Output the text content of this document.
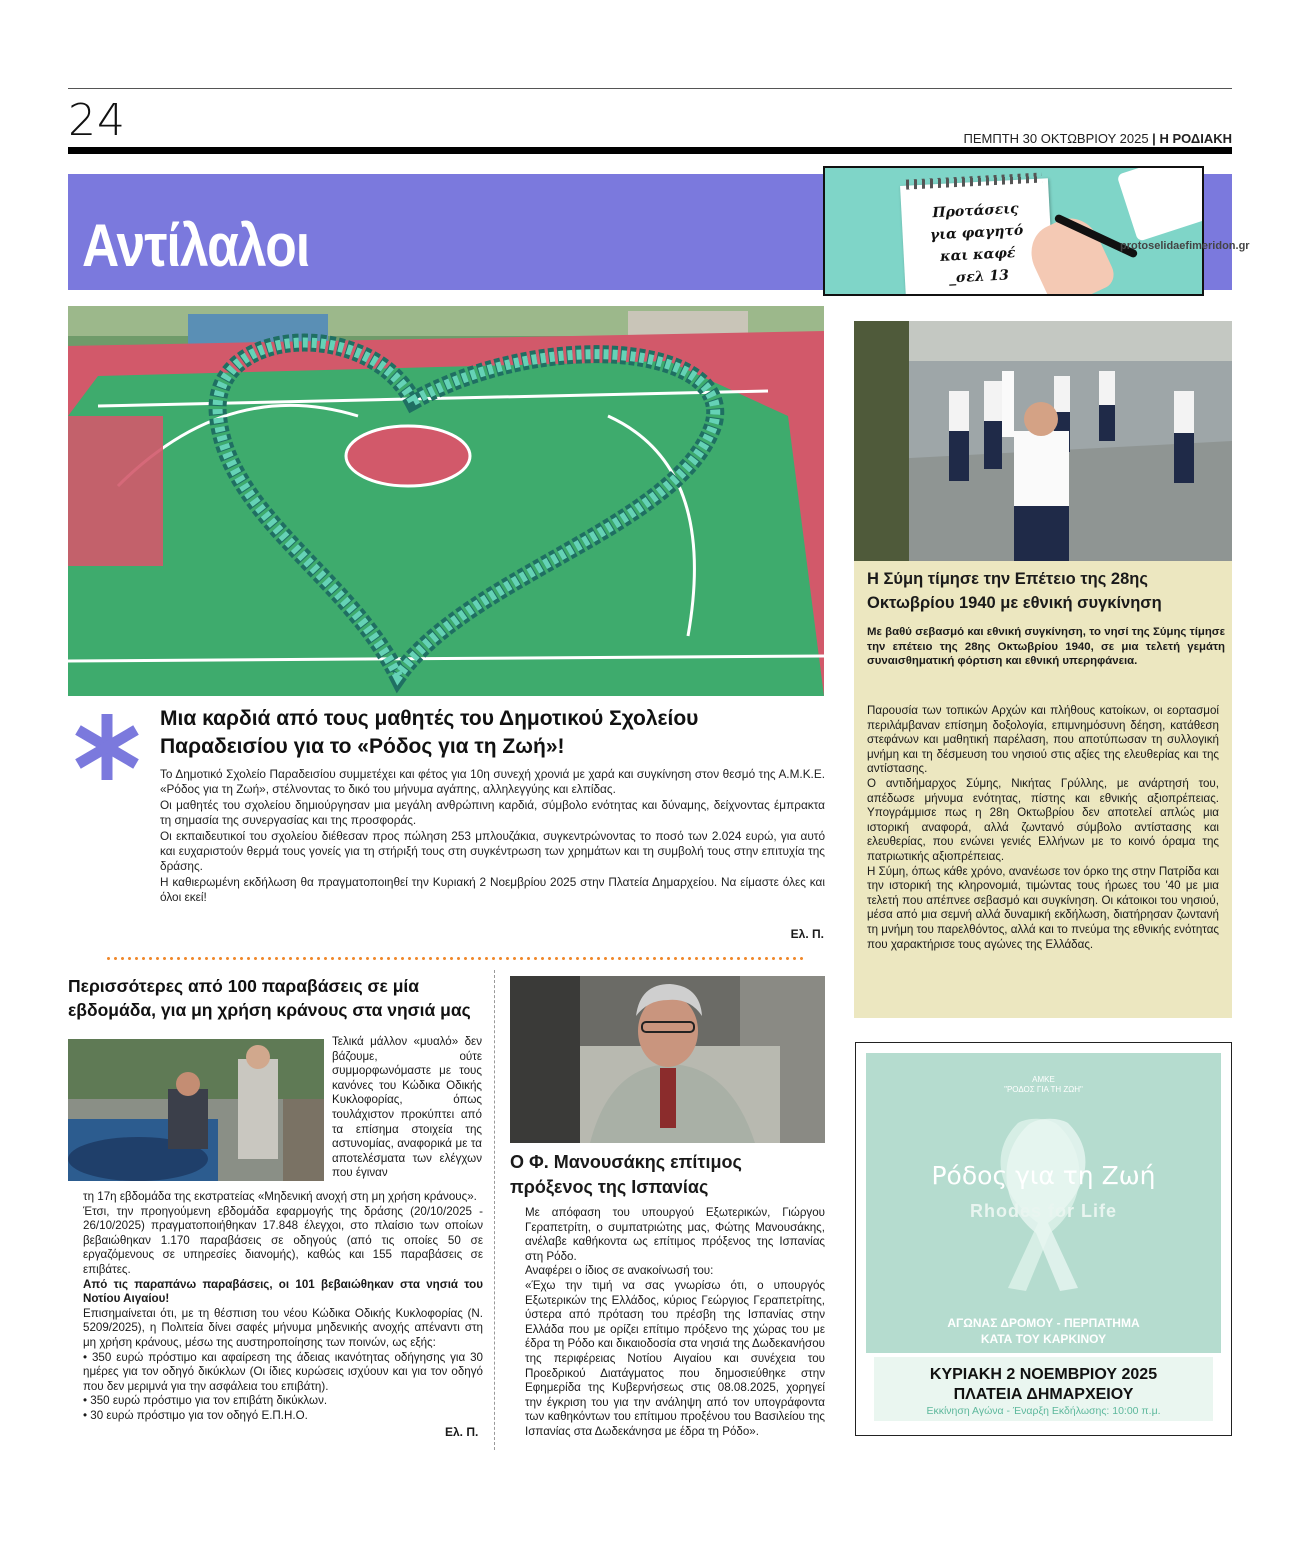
24	ΠΕΜΠΤΗ 30 ΟΚΤΩΒΡΙΟΥ 2025 | Η ΡΟΔΙΑΚΗ
Αντίλαλοι
Προτάσεις
για φαγητό
και καφέ
_σελ 13
protoselidaefimeridon.gr
Μια καρδιά από τους μαθητές του Δημοτικού Σχολείου Παραδεισίου για το «Ρόδος για τη Ζωή»!

Το Δημοτικό Σχολείο Παραδεισίου συμμετέχει και φέτος για 10η συνεχή χρονιά με χαρά και συγκίνηση στον θεσμό της Α.Μ.Κ.Ε. «Ρόδος για τη Ζωή», στέλνοντας το δικό του μήνυμα αγάπης, αλληλεγγύης και ελπίδας.

Οι μαθητές του σχολείου δημιούργησαν μια μεγάλη ανθρώπινη καρδιά, σύμβολο ενότητας και δύναμης, δείχνοντας έμπρακτα τη σημασία της συνεργασίας και της προσφοράς.

Οι εκπαιδευτικοί του σχολείου διέθεσαν προς πώληση 253 μπλουζάκια, συγκεντρώνοντας το ποσό των 2.024 ευρώ, για αυτό και ευχαριστούν θερμά τους γονείς για τη στήριξή τους στη συγκέντρωση των χρημάτων και τη συμβολή τους στην επιτυχία της δράσης.

Η καθιερωμένη εκδήλωση θα πραγματοποιηθεί την Κυριακή 2 Νοεμβρίου 2025 στην Πλατεία Δημαρχείου. Να είμαστε όλες και όλοι εκεί!

Ελ. Π.
Περισσότερες από 100 παραβάσεις σε μία εβδομάδα, για μη χρήση κράνους στα νησιά μας
Τελικά μάλλον «μυαλό» δεν βάζουμε, ούτε συμμορφωνόμαστε με τους κανόνες του Κώδικα Οδικής Κυκλοφορίας, όπως τουλάχιστον προκύπτει από τα επίσημα στοιχεία της αστυνομίας, αναφορικά με τα αποτελέσματα των ελέγχων που έγιναν

τη 17η εβδομάδα της εκστρατείας «Μηδενική ανοχή στη μη χρήση κράνους».

Έτσι, την προηγούμενη εβδομάδα εφαρμογής της δράσης (20/10/2025 - 26/10/2025) πραγματοποιήθηκαν 17.848 έλεγχοι, στο πλαίσιο των οποίων βεβαιώθηκαν 1.170 παραβάσεις σε οδηγούς (από τις οποίες 50 σε εργαζόμενους σε υπηρεσίες διανομής), καθώς και 155 παραβάσεις σε επιβάτες.

Από τις παραπάνω παραβάσεις, οι 101 βεβαιώθηκαν στα νησιά του Νοτίου Αιγαίου!

Επισημαίνεται ότι, με τη θέσπιση του νέου Κώδικα Οδικής Κυκλοφορίας (Ν. 5209/2025), η Πολιτεία δίνει σαφές μήνυμα μηδενικής ανοχής απέναντι στη μη χρήση κράνους, μέσω της αυστηροποίησης των ποινών, ως εξής:

• 350 ευρώ πρόστιμο και αφαίρεση της άδειας ικανότητας οδήγησης για 30 ημέρες για τον οδηγό δικύκλων (Οι ίδιες κυρώσεις ισχύουν και για τον οδηγό που δεν μεριμνά για την ασφάλεια του επιβάτη).

• 350 ευρώ πρόστιμο για τον επιβάτη δικύκλων.

• 30 ευρώ πρόστιμο για τον οδηγό Ε.Π.Η.Ο.

Ελ. Π.
Ο Φ. Μανουσάκης επίτιμος πρόξενος της Ισπανίας

Με απόφαση του υπουργού Εξωτερικών, Γιώργου Γεραπετρίτη, ο συμπατριώτης μας, Φώτης Μανουσάκης, ανέλαβε καθήκοντα ως επίτιμος πρόξενος της Ισπανίας στη Ρόδο.

Αναφέρει ο ίδιος σε ανακοίνωσή του:

«Έχω την τιμή να σας γνωρίσω ότι, ο υπουργός Εξωτερικών της Ελλάδος, κύριος Γεώργιος Γεραπετρίτης, ύστερα από πρόταση του πρέσβη της Ισπανίας στην Ελλάδα που με ορίζει επίτιμο πρόξενο της χώρας του με έδρα τη Ρόδο και δικαιοδοσία στα νησιά της Δωδεκανήσου της περιφέρειας Νοτίου Αιγαίου και συνέχεια του Προεδρικού Διατάγματος που δημοσιεύθηκε στην Εφημερίδα της Κυβερνήσεως στις 08.08.2025, χορηγεί την έγκριση του για την ανάληψη από τον υπογράφοντα των καθηκόντων του επίτιμου προξένου του Βασιλείου της Ισπανίας στα Δωδεκάνησα με έδρα τη Ρόδο».

Η Σύμη τίμησε την Επέτειο της 28ης Οκτωβρίου 1940 με εθνική συγκίνηση
Με βαθύ σεβασμό και εθνική συγκίνηση, το νησί της Σύμης τίμησε την επέτειο της 28ης Οκτωβρίου 1940, σε μια τελετή γεμάτη συναισθηματική φόρτιση και εθνική υπερηφάνεια.

Παρουσία των τοπικών Αρχών και πλήθους κατοίκων, οι εορτασμοί περιλάμβαναν επίσημη δοξολογία, επιμνημόσυνη δέηση, κατάθεση στεφάνων και μαθητική παρέλαση, που αποτύπωσαν τη συλλογική μνήμη και τη δέσμευση του νησιού στις αξίες της ελευθερίας και της αντίστασης.

Ο αντιδήμαρχος Σύμης, Νικήτας Γρύλλης, με ανάρτησή του, απέδωσε μήνυμα ενότητας, πίστης και εθνικής αξιοπρέπειας. Υπογράμμισε πως η 28η Οκτωβρίου δεν αποτελεί απλώς μια ιστορική αναφορά, αλλά ζωντανό σύμβολο αντίστασης και ελευθερίας, που ενώνει γενιές Ελλήνων με το κοινό όραμα της πατριωτικής αξιοπρέπειας.

Η Σύμη, όπως κάθε χρόνο, ανανέωσε τον όρκο της στην Πατρίδα και την ιστορική της κληρονομιά, τιμώντας τους ήρωες του '40 με μια τελετή που απέπνεε σεβασμό και συγκίνηση. Οι κάτοικοι του νησιού, μέσα από μια σεμνή αλλά δυναμική εκδήλωση, διατήρησαν ζωντανή τη μνήμη του παρελθόντος, αλλά και το πνεύμα της εθνικής ενότητας που χαρακτήρισε τους αγώνες της Ελλάδας.

ΑΜΚΕ
"ΡΟΔΟΣ ΓΙΑ ΤΗ ΖΩΗ"
Ρόδος για τη Ζωή
Rhodes for Life
ΑΓΩΝΑΣ ΔΡΟΜΟΥ - ΠΕΡΠΑΤΗΜΑ
ΚΑΤΑ ΤΟΥ ΚΑΡΚΙΝΟΥ
ΚΥΡΙΑΚΗ 2 ΝΟΕΜΒΡΙΟΥ 2025
ΠΛΑΤΕΙΑ ΔΗΜΑΡΧΕΙΟΥ
Εκκίνηση Αγώνα - Έναρξη Εκδήλωσης: 10:00 π.μ.
